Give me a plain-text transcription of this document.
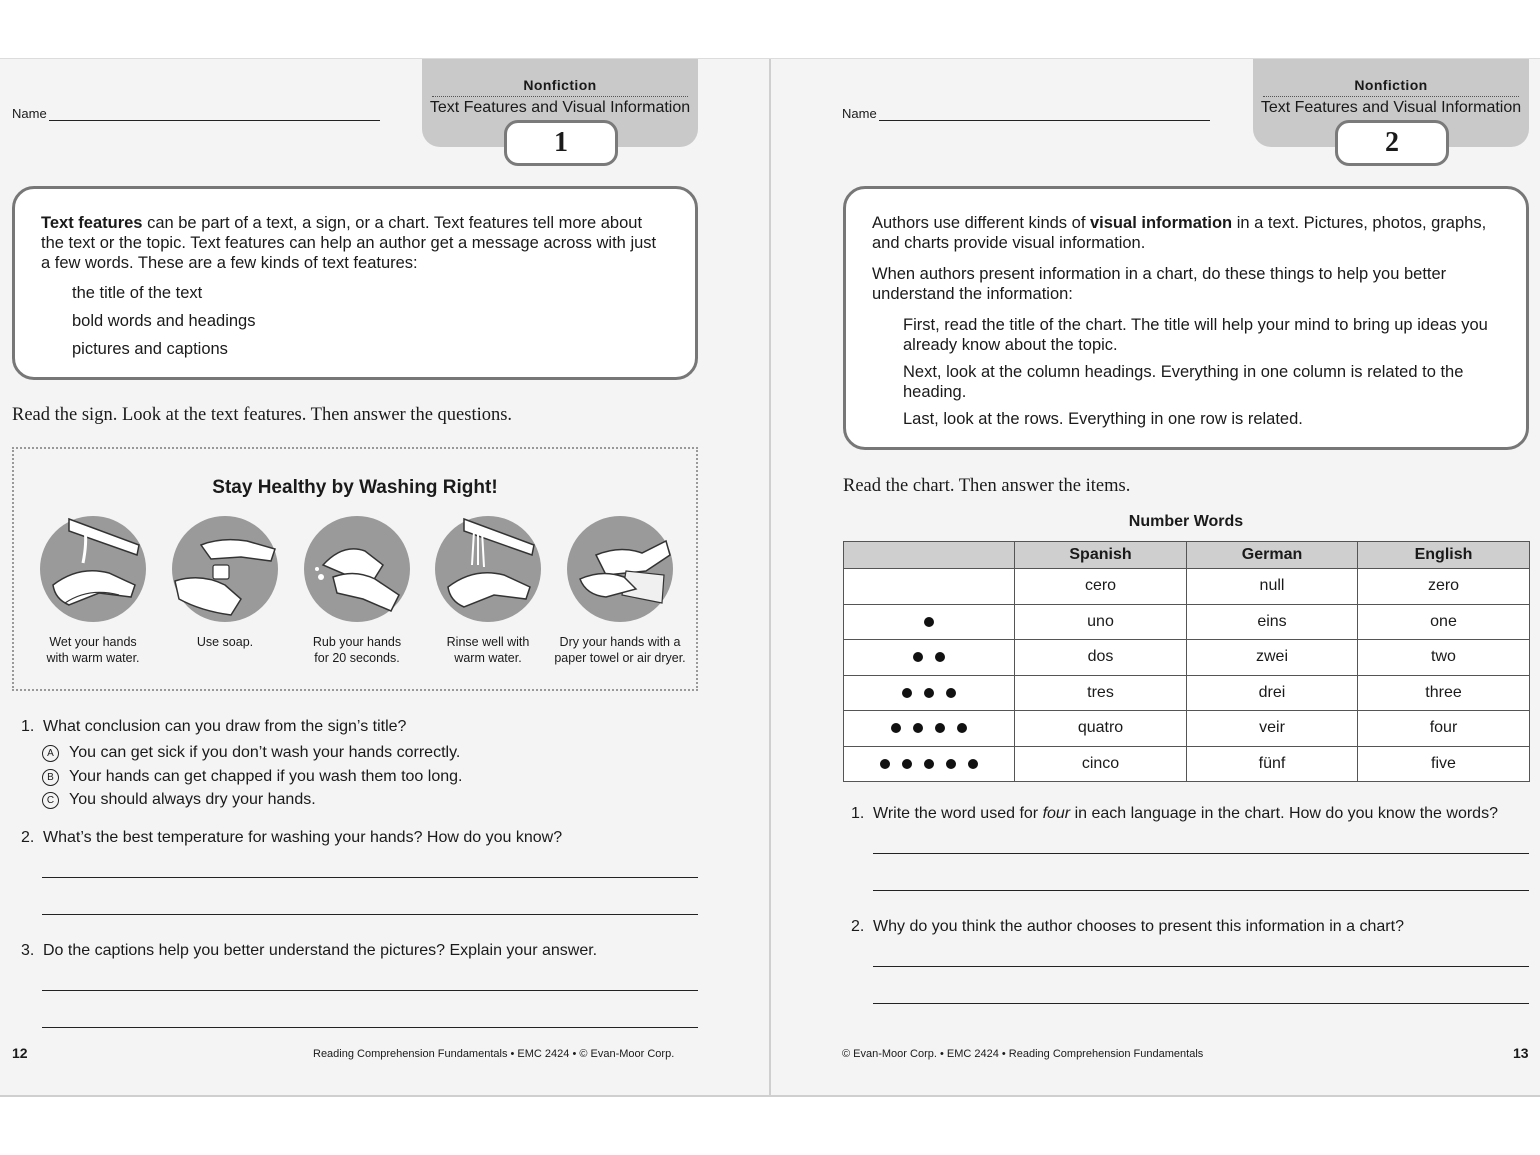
Name
Nonfiction
Text Features and Visual Information
1

Text features can be part of a text, a sign, or a chart. Text features tell more about the text or the topic. Text features can help an author get a message across with just a few words. These are a few kinds of text features:

the title of the text
bold words and headings
pictures and captions
Read the sign. Look at the text features. Then answer the questions.
Stay Healthy by Washing Right!
Wet your hands
with warm water.
Use soap.	Rub your hands
for 20 seconds.
Rinse well with
warm water.
Dry your hands with a
paper towel or air dryer.
1. What conclusion can you draw from the sign’s title?
A You can get sick if you don’t wash your hands correctly.
B Your hands can get chapped if you wash them too long.
C You should always dry your hands.
2. What’s the best temperature for washing your hands? How do you know?
3. Do the captions help you better understand the pictures? Explain your answer.
12	Reading Comprehension Fundamentals • EMC 2424 • © Evan-Moor Corp.
Name
Nonfiction
Text Features and Visual Information
2

Authors use different kinds of visual information in a text. Pictures, photos, graphs, and charts provide visual information.

When authors present information in a chart, do these things to help you better understand the information:

First, read the title of the chart. The title will help your mind to bring up ideas you already know about the topic.
Next, look at the column headings. Everything in one column is related to the heading.
Last, look at the rows. Everything in one row is related.
Read the chart. Then answer the items.
Number Words
	Spanish	German	English
	cero	null	zero
	uno	eins	one
	dos	zwei	two
	tres	drei	three
	quatro	veir	four
	cinco	fünf	five
1. Write the word used for four in each language in the chart. How do you know the words?
2. Why do you think the author chooses to present this information in a chart?
© Evan-Moor Corp. • EMC 2424 • Reading Comprehension Fundamentals	13
